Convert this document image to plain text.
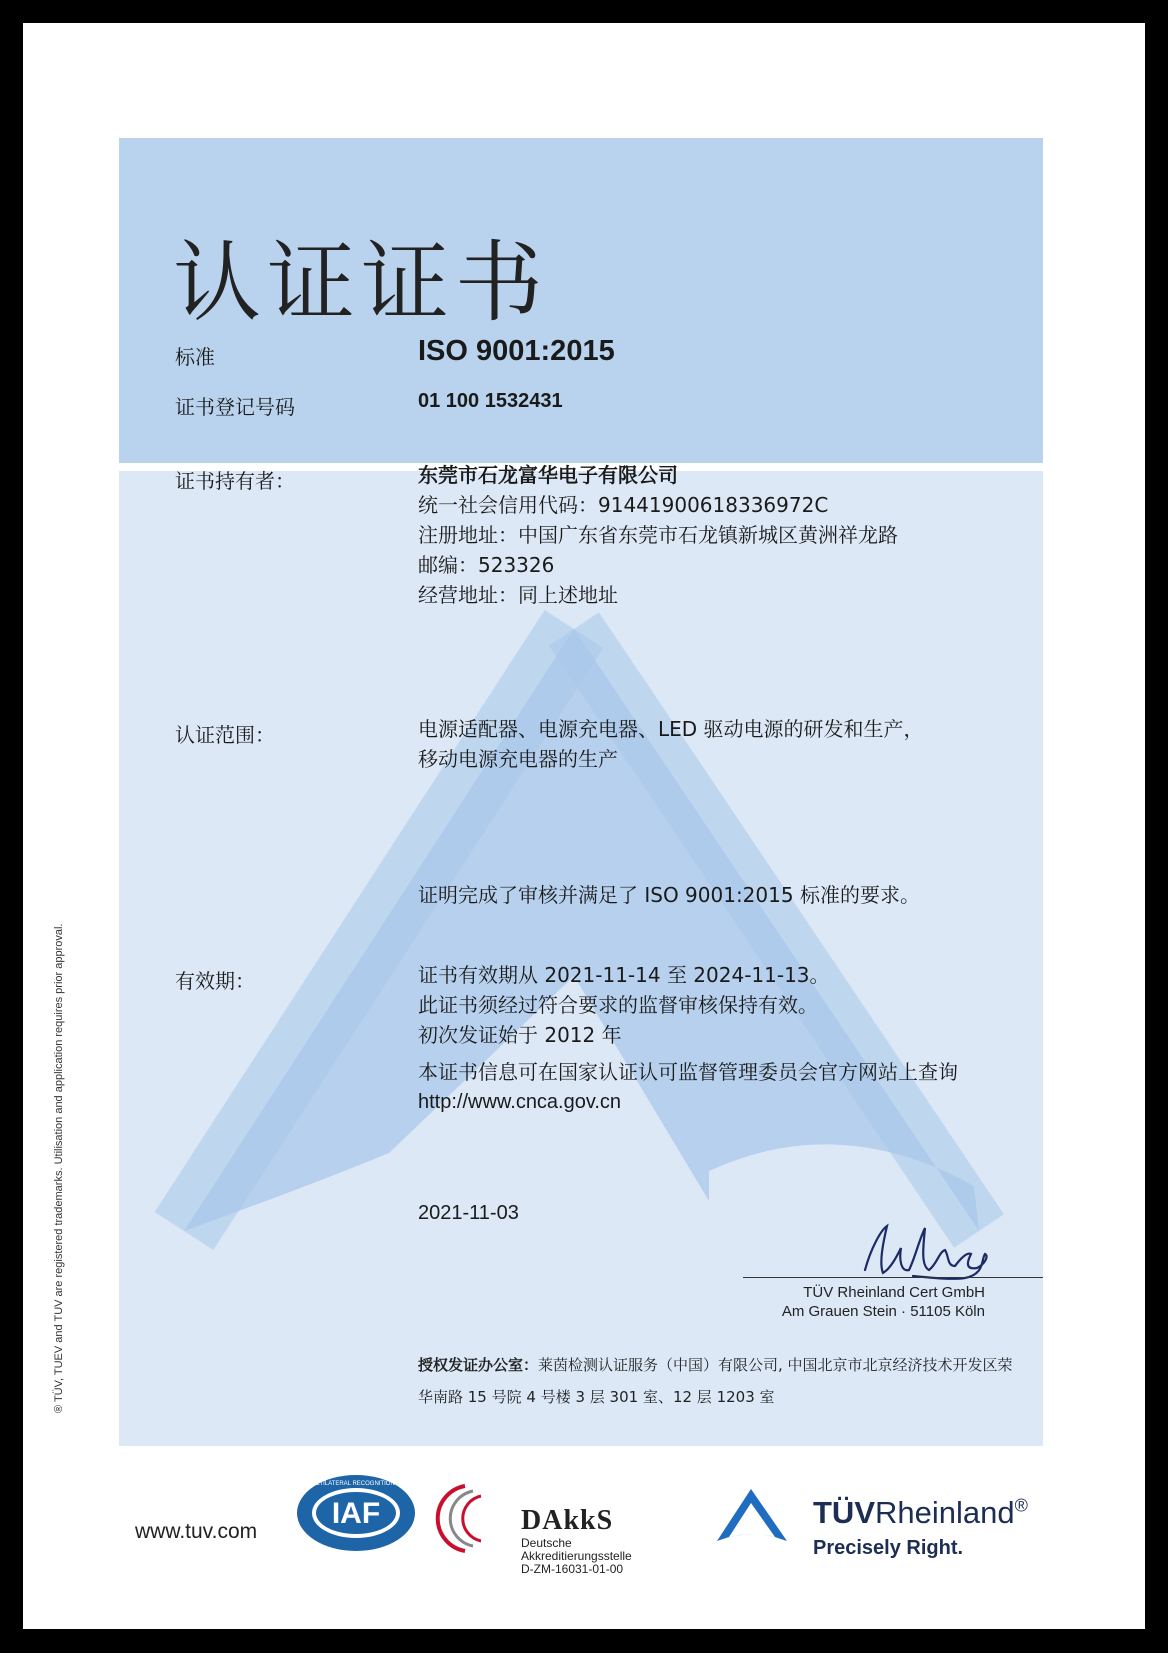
® TÜV, TUEV and TUV are registered trademarks. Utilisation and application requires prior approval.
认证证书
标准	ISO 9001:2015
证书登记号码	01 100 1532431
证书持有者：	东莞市石龙富华电子有限公司
统一社会信用代码：91441900618336972C
注册地址：中国广东省东莞市石龙镇新城区黄洲祥龙路
邮编：523326
经营地址：同上述地址
认证范围：	电源适配器、电源充电器、LED 驱动电源的研发和生产，
移动电源充电器的生产
证明完成了审核并满足了 ISO 9001:2015 标准的要求。
有效期：	证书有效期从 2021-11-14 至 2024-11-13。
此证书须经过符合要求的监督审核保持有效。
初次发证始于 2012 年
本证书信息可在国家认证认可监督管理委员会官方网站上查询
http://www.cnca.gov.cn
2021-11-03
TÜV Rheinland Cert GmbH
Am Grauen Stein · 51105 Köln
授权发证办公室：莱茵检测认证服务（中国）有限公司, 中国北京市北京经济技术开发区荣华南路 15 号院 4 号楼 3 层 301 室、12 层 1203 室
www.tuv.com
IAF
MEMBER OF MULTILATERAL RECOGNITION ARRANGEMENT
DAkkS
Deutsche
Akkreditierungsstelle
D-ZM-16031-01-00
TÜVRheinland®
Precisely Right.
